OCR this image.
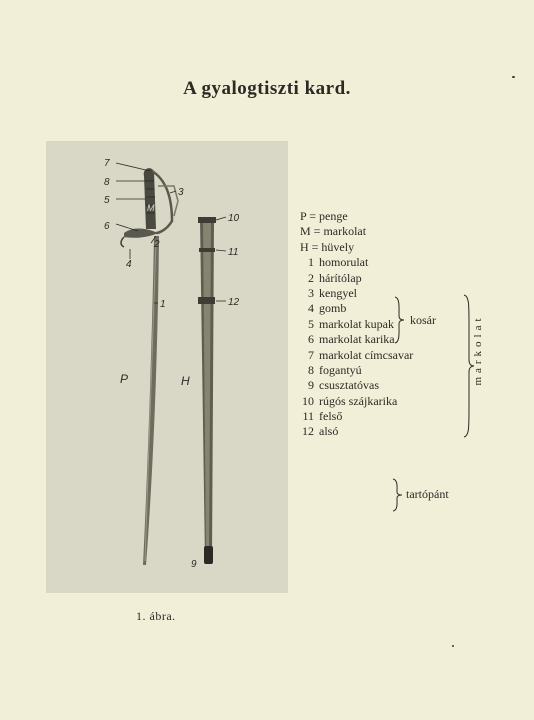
A gyalogtiszti kard.
7
8
5
6
3
4
2
1
M
10
11
12
9
P	H
1. ábra.
P = penge
M = markolat
H = hüvely
1 homorulat
2 hárítólap
3 kengyel
4 gomb
5 markolat kupak
6 markolat karika
7 markolat címcsavar
8 fogantyú
9 csusztatóvas
10 rúgós szájkarika
11 felső
12 alsó
kosár
tartópánt
markolat
